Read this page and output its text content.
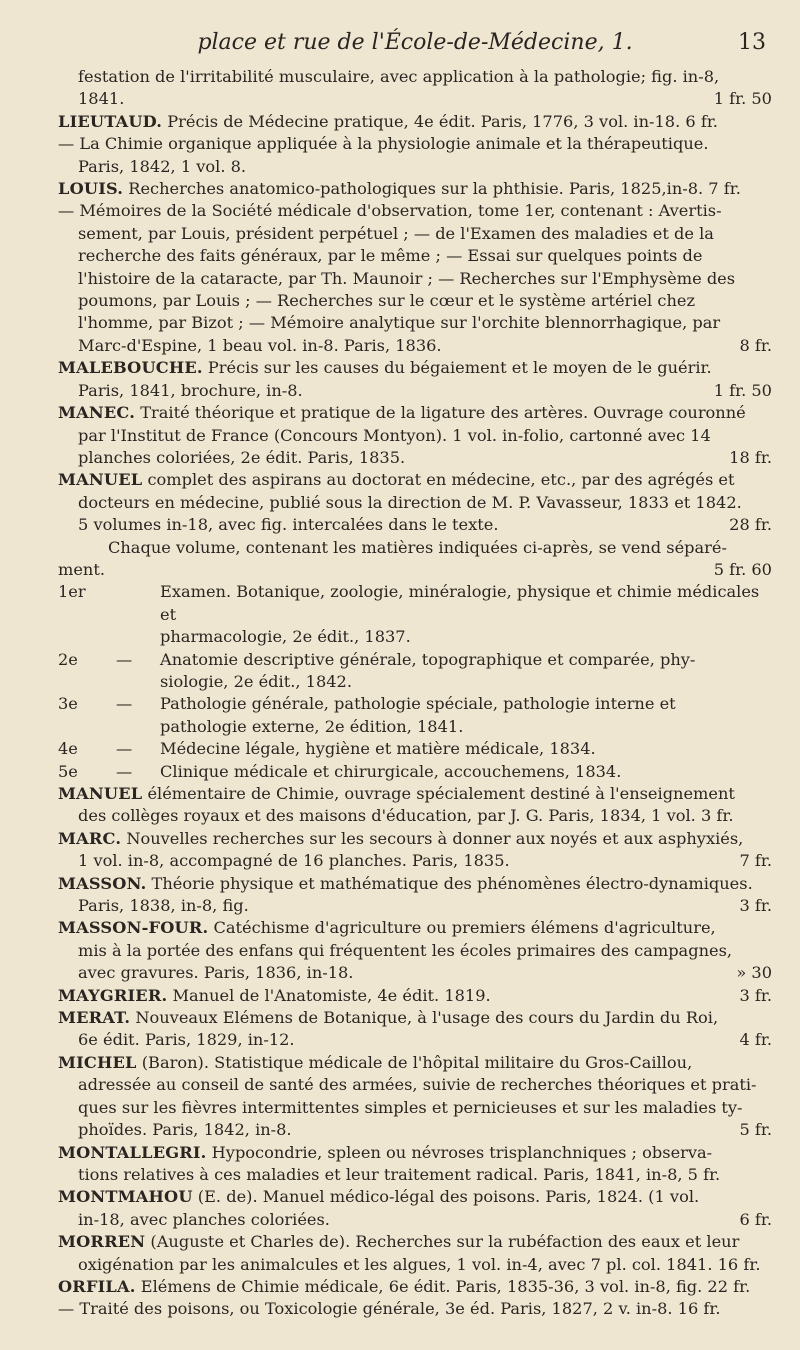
place et rue de l'École-de-Médecine, 1.	13
festation de l'irritabilité musculaire, avec application à la pathologie; fig. in-8,
1841.	1 fr. 50
LIEUTAUD. Précis de Médecine pratique, 4e édit. Paris, 1776, 3 vol. in-18. 6 fr.
— La Chimie organique appliquée à la physiologie animale et la thérapeutique.
Paris, 1842, 1 vol. 8.
LOUIS. Recherches anatomico-pathologiques sur la phthisie. Paris, 1825,in-8. 7 fr.
— Mémoires de la Société médicale d'observation, tome 1er, contenant : Avertis-
sement, par Louis, président perpétuel ; — de l'Examen des maladies et de la
recherche des faits généraux, par le même ; — Essai sur quelques points de
l'histoire de la cataracte, par Th. Maunoir ; — Recherches sur l'Emphysème des
poumons, par Louis ; — Recherches sur le cœur et le système artériel chez
l'homme, par Bizot ; — Mémoire analytique sur l'orchite blennorrhagique, par
Marc-d'Espine, 1 beau vol. in-8. Paris, 1836.	8 fr.
MALEBOUCHE. Précis sur les causes du bégaiement et le moyen de le guérir.
Paris, 1841, brochure, in-8.	1 fr. 50
MANEC. Traité théorique et pratique de la ligature des artères. Ouvrage couronné
par l'Institut de France (Concours Montyon). 1 vol. in-folio, cartonné avec 14
planches coloriées, 2e édit. Paris, 1835.	18 fr.
MANUEL complet des aspirans au doctorat en médecine, etc., par des agrégés et
docteurs en médecine, publié sous la direction de M. P. Vavasseur, 1833 et 1842.
5 volumes in-18, avec fig. intercalées dans le texte.	28 fr.
Chaque volume, contenant les matières indiquées ci-après, se vend séparé-
ment.	5 fr. 60
1er	Examen. Botanique, zoologie, minéralogie, physique et chimie médicales et
pharmacologie, 2e édit., 1837.
2e	—	Anatomie descriptive générale, topographique et comparée, phy-
siologie, 2e édit., 1842.
3e	—	Pathologie générale, pathologie spéciale, pathologie interne et
pathologie externe, 2e édition, 1841.
4e	—	Médecine légale, hygiène et matière médicale, 1834.
5e	—	Clinique médicale et chirurgicale, accouchemens, 1834.
MANUEL élémentaire de Chimie, ouvrage spécialement destiné à l'enseignement
des collèges royaux et des maisons d'éducation, par J. G. Paris, 1834, 1 vol. 3 fr.
MARC. Nouvelles recherches sur les secours à donner aux noyés et aux asphyxiés,
1 vol. in-8, accompagné de 16 planches. Paris, 1835.	7 fr.
MASSON. Théorie physique et mathématique des phénomènes électro-dynamiques.
Paris, 1838, in-8, fig.	3 fr.
MASSON-FOUR. Catéchisme d'agriculture ou premiers élémens d'agriculture,
mis à la portée des enfans qui fréquentent les écoles primaires des campagnes,
avec gravures. Paris, 1836, in-18.	» 30
MAYGRIER. Manuel de l'Anatomiste, 4e édit. 1819.	3 fr.
MERAT. Nouveaux Elémens de Botanique, à l'usage des cours du Jardin du Roi,
6e édit. Paris, 1829, in-12.	4 fr.
MICHEL (Baron). Statistique médicale de l'hôpital militaire du Gros-Caillou,
adressée au conseil de santé des armées, suivie de recherches théoriques et prati-
ques sur les fièvres intermittentes simples et pernicieuses et sur les maladies ty-
phoïdes. Paris, 1842, in-8.	5 fr.
MONTALLEGRI. Hypocondrie, spleen ou névroses trisplanchniques ; observa-
tions relatives à ces maladies et leur traitement radical. Paris, 1841, in-8, 5 fr.
MONTMAHOU (E. de). Manuel médico-légal des poisons. Paris, 1824. (1 vol.
in-18, avec planches coloriées.	6 fr.
MORREN (Auguste et Charles de). Recherches sur la rubéfaction des eaux et leur
oxigénation par les animalcules et les algues, 1 vol. in-4, avec 7 pl. col. 1841. 16 fr.
ORFILA. Elémens de Chimie médicale, 6e édit. Paris, 1835-36, 3 vol. in-8, fig. 22 fr.
— Traité des poisons, ou Toxicologie générale, 3e éd. Paris, 1827, 2 v. in-8. 16 fr.
